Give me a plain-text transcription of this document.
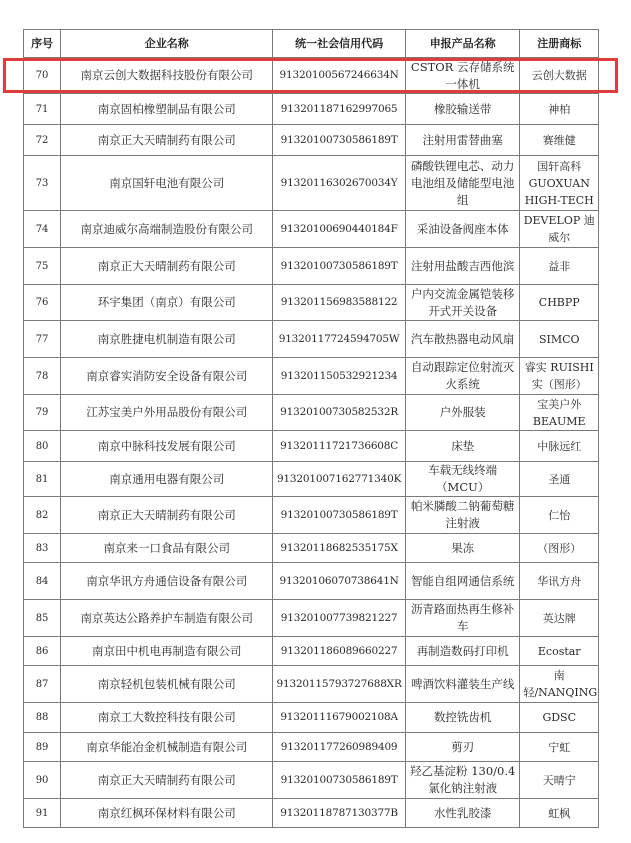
序号	企业名称	统一社会信用代码	申报产品名称	注册商标
70	南京云创大数据科技股份有限公司	91320100567246634N	CSTOR 云存储系统一体机	云创大数据
71	南京固柏橡塑制品有限公司	913201187162997065	橡胶输送带	神柏
72	南京正大天晴制药有限公司	91320100730586189T	注射用雷替曲塞	赛维健
73	南京国轩电池有限公司	91320116302670034Y	磷酸铁锂电芯、动力电池组及储能型电池组	国轩高科 GUOXUAN HIGH-TECH
74	南京迪威尔高端制造股份有限公司	91320100690440184F	采油设备阀座本体	DEVELOP 迪威尔
75	南京正大天晴制药有限公司	91320100730586189T	注射用盐酸吉西他滨	益非
76	环宇集团（南京）有限公司	913201156983588122	户内交流金属铠装移开式开关设备	CHBPP
77	南京胜捷电机制造有限公司	91320117724594705W	汽车散热器电动风扇	SIMCO
78	南京睿实消防安全设备有限公司	913201150532921234	自动跟踪定位射流灭火系统	睿实 RUISHI 实（图形）
79	江苏宝美户外用品股份有限公司	91320100730582532R	户外服装	宝美户外 BEAUME
80	南京中脉科技发展有限公司	9132011172173660​8C	床垫	中脉远红
81	南京通用电器有限公司	913201007162771340K	车载无线终端（MCU）	圣通
82	南京正大天晴制药有限公司	91320100730586189T	帕米膦酸二钠葡萄糖注射液	仁怡
83	南京来一口食品有限公司	91320118682535175X	果冻	（图形）
84	南京华讯方舟通信设备有限公司	91320106070738641N	智能自组网通信系统	华讯方舟
85	南京英达公路养护车制造有限公司	913201007739821227	沥青路面热再生修补车	英达牌
86	南京田中机电再制造有限公司	913201186089660227	再制造数码打印机	Ecostar
87	南京轻机包装机械有限公司	91320115793727688XR	啤酒饮料灌装生产线	南轻/NANQING
88	南京工大数控科技有限公司	91320111679002108A	数控铣齿机	GDSC
89	南京华能冶金机械制造有限公司	913201177260989409	剪刃	宁虹
90	南京正大天晴制药有限公司	91320100730586189T	羟乙基淀粉 130/0.4 氯化钠注射液	天晴宁
91	南京红枫环保材料有限公司	91320118787130377B	水性乳胶漆	虹枫
